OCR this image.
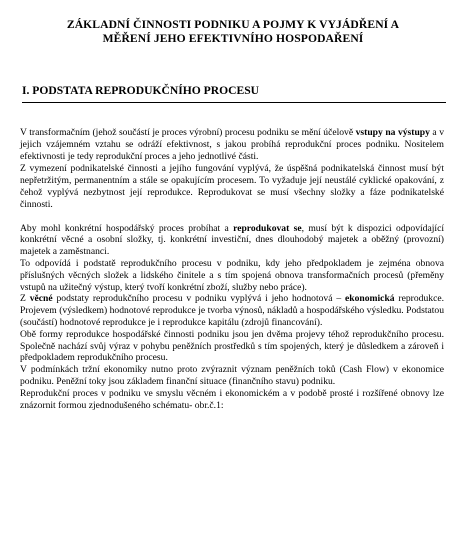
ZÁKLADNÍ ČINNOSTI PODNIKU A POJMY K VYJÁDŘENÍ A
MĚŘENÍ JEHO EFEKTIVNÍHO HOSPODAŘENÍ
I. PODSTATA REPRODUKČNÍHO PROCESU

V transformačním (jehož součástí je proces výrobní) procesu podniku se mění účelově vstupy na výstupy a v jejich vzájemném vztahu se odráží efektivnost, s jakou probíhá reprodukční proces podniku. Nositelem efektivnosti je tedy reprodukční proces a jeho jednotlivé části.

Z vymezení podnikatelské činnosti a jejího fungování vyplývá, že úspěšná podnikatelská činnost musí být nepřetržitým, permanentním a stále se opakujícím procesem. To vyžaduje její neustálé cyklické opakování, z čehož vyplývá nezbytnost její reprodukce. Reprodukovat se musí všechny složky a fáze podnikatelské činnosti.

Aby mohl konkrétní hospodářský proces probíhat a reprodukovat se, musí být k dispozici odpovídající konkrétní věcné a osobní složky, tj. konkrétní investiční, dnes dlouhodobý majetek a oběžný (provozní) majetek a zaměstnanci.

To odpovídá i podstatě reprodukčního procesu v podniku, kdy jeho předpokladem je zejména obnova příslušných věcných složek a lidského činitele a s tím spojená obnova transformačních procesů (přeměny vstupů na užitečný výstup, který tvoří konkrétní zboží, služby nebo práce).

Z věcné podstaty reprodukčního procesu v podniku vyplývá i jeho hodnotová – ekonomická reprodukce. Projevem (výsledkem) hodnotové reprodukce je tvorba výnosů, nákladů a hospodářského výsledku. Podstatou (součástí) hodnotové reprodukce je i reprodukce kapitálu (zdrojů financování).

Obě formy reprodukce hospodářské činnosti podniku jsou jen dvěma projevy téhož reprodukčního procesu. Společně nachází svůj výraz v pohybu peněžních prostředků s tím spojených, který je důsledkem a zároveň i předpokladem reprodukčního procesu.

V podmínkách tržní ekonomiky nutno proto zvýraznit význam peněžních toků (Cash Flow) v ekonomice podniku. Peněžní toky jsou základem finanční situace (finančního stavu) podniku.

Reprodukční proces v podniku ve smyslu věcném i ekonomickém a v podobě prosté i rozšířené obnovy lze znázornit formou zjednodušeného schématu- obr.č.1:
